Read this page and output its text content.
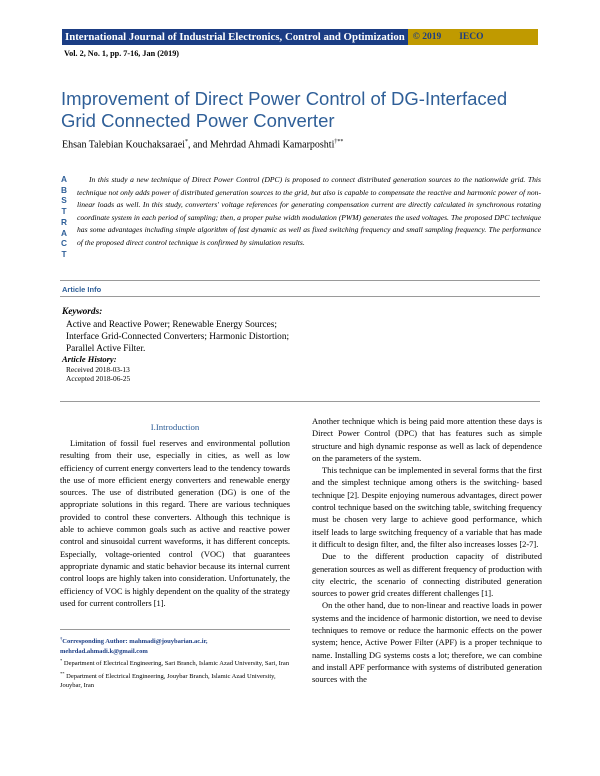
International Journal of Industrial Electronics, Control and Optimization © 2019 IECO
Vol. 2, No. 1, pp. 7-16, Jan (2019)
Improvement of Direct Power Control of DG-Interfaced Grid Connected Power Converter
Ehsan Talebian Kouchaksaraei*, and Mehrdad Ahmadi Kamarposhti†**
A
B
S
T
R
A
C
T
In this study a new technique of Direct Power Control (DPC) is proposed to connect distributed generation sources to the nationwide grid. This technique not only adds power of distributed generation sources to the grid, but also is capable to compensate the reactive and harmonic power of non-linear loads as well. In this study, converters' voltage references for generating compensation current are directly calculated in synchronous rotating coordinate system in each period of sampling; then, a proper pulse width modulation (PWM) generates the used voltages. The proposed DPC technique has some advantages including simple algorithm of fast dynamic as well as fixed switching frequency and small sampling frequency. The performance of the proposed direct control technique is confirmed by simulation results.
Article Info
Keywords:
Active and Reactive Power; Renewable Energy Sources;
Interface Grid-Connected Converters; Harmonic Distortion;
Parallel Active Filter.
Article History:
Received 2018-03-13
Accepted 2018-06-25
I.Introduction

Limitation of fossil fuel reserves and environmental pollution resulting from their use, especially in cities, as well as low efficiency of current energy converters lead to the tendency towards the use of more efficient energy converters and renewable energy sources. The use of distributed generation (DG) is one of the appropriate solutions in this regard. There are various techniques provided to control these converters. Although this technique is able to achieve common goals such as active and reactive power control and sinusoidal current waveforms, it has different concepts. Especially, voltage-oriented control (VOC) that guarantees appropriate dynamic and static behavior because its internal current control loops are highly taken into consideration. Unfortunately, the efficiency of VOC is highly dependent on the quality of the strategy used for current controllers [1].

Another technique which is being paid more attention these days is Direct Power Control (DPC) that has features such as simple structure and high dynamic response as well as lack of dependence on the parameters of the system.

This technique can be implemented in several forms that the first and the simplest technique among others is the switching- based technique [2]. Despite enjoying numerous advantages, direct power control technique based on the switching table, switching frequency must be chosen very large to achieve good performance, which itself leads to large switching frequency of a variable that has made it difficult to design filter, and, the filter also increases losses [2-7].

Due to the different production capacity of distributed generation sources as well as different frequency of production with city electric, the scenario of connecting distributed generation sources to power grid creates different challenges [1].

On the other hand, due to non-linear and reactive loads in power systems and the incidence of harmonic distortion, we need to devise techniques to remove or reduce the harmonic effects on the power system; hence, Active Power Filter (APF) is a proper technique to name. Installing DG systems costs a lot; therefore, we can combine and install APF performance with systems of distributed generation sources with the

†Corresponding Author: mahmadi@jouybarian.ac.ir,
mehrdad.ahmadi.k@gmail.com
* Department of Electrical Engineering, Sari Branch, Islamic Azad University, Sari, Iran
** Department of Electrical Engineering, Jouybar Branch, Islamic Azad University, Jouybar, Iran
